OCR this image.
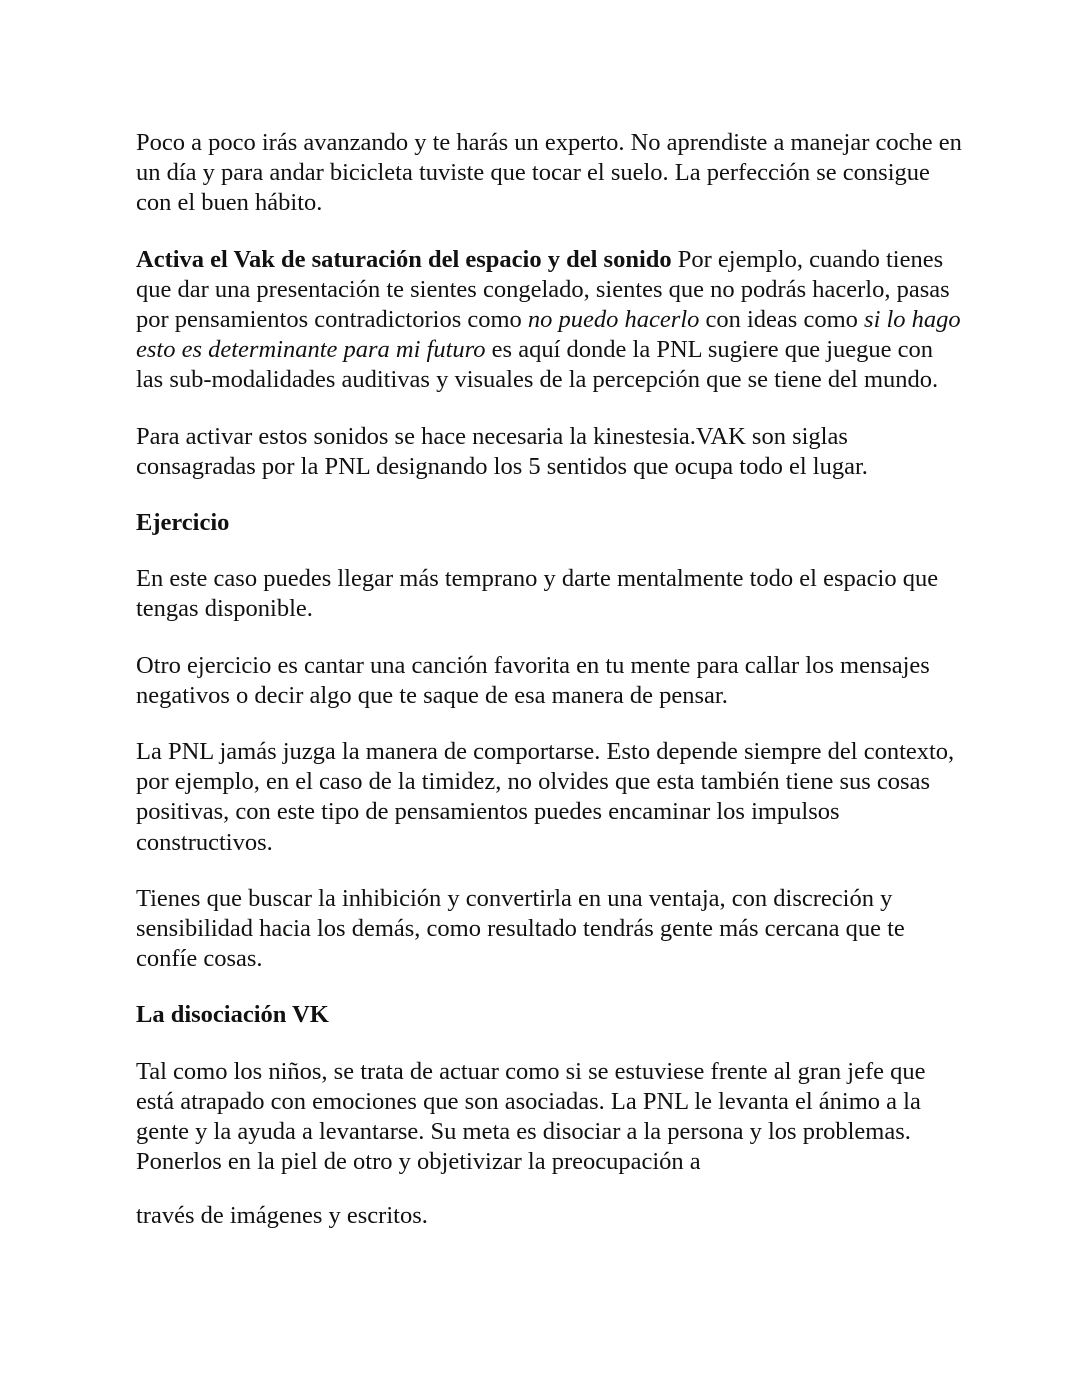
Poco a poco irás avanzando y te harás un experto. No aprendiste a manejar coche en un día y para andar bicicleta tuviste que tocar el suelo. La perfección se consigue con el buen hábito.

Activa el Vak de saturación del espacio y del sonido Por ejemplo, cuando tienes que dar una presentación te sientes congelado, sientes que no podrás hacerlo, pasas por pensamientos contradictorios como no puedo hacerlo con ideas como si lo hago esto es determinante para mi futuro es aquí donde la PNL sugiere que juegue con las sub-modalidades auditivas y visuales de la percepción que se tiene del mundo.

Para activar estos sonidos se hace necesaria la kinestesia.VAK son siglas consagradas por la PNL designando los 5 sentidos que ocupa todo el lugar.

Ejercicio

En este caso puedes llegar más temprano y darte mentalmente todo el espacio que tengas disponible.

Otro ejercicio es cantar una canción favorita en tu mente para callar los mensajes negativos o decir algo que te saque de esa manera de pensar.

La PNL jamás juzga la manera de comportarse. Esto depende siempre del contexto, por ejemplo, en el caso de la timidez, no olvides que esta también tiene sus cosas positivas, con este tipo de pensamientos puedes encaminar los impulsos constructivos.

Tienes que buscar la inhibición y convertirla en una ventaja, con discreción y sensibilidad hacia los demás, como resultado tendrás gente más cercana que te confíe cosas.

La disociación VK

Tal como los niños, se trata de actuar como si se estuviese frente al gran jefe que está atrapado con emociones que son asociadas. La PNL le levanta el ánimo a la gente y la ayuda a levantarse. Su meta es disociar a la persona y los problemas. Ponerlos en la piel de otro y objetivizar la preocupación a

través de imágenes y escritos.
